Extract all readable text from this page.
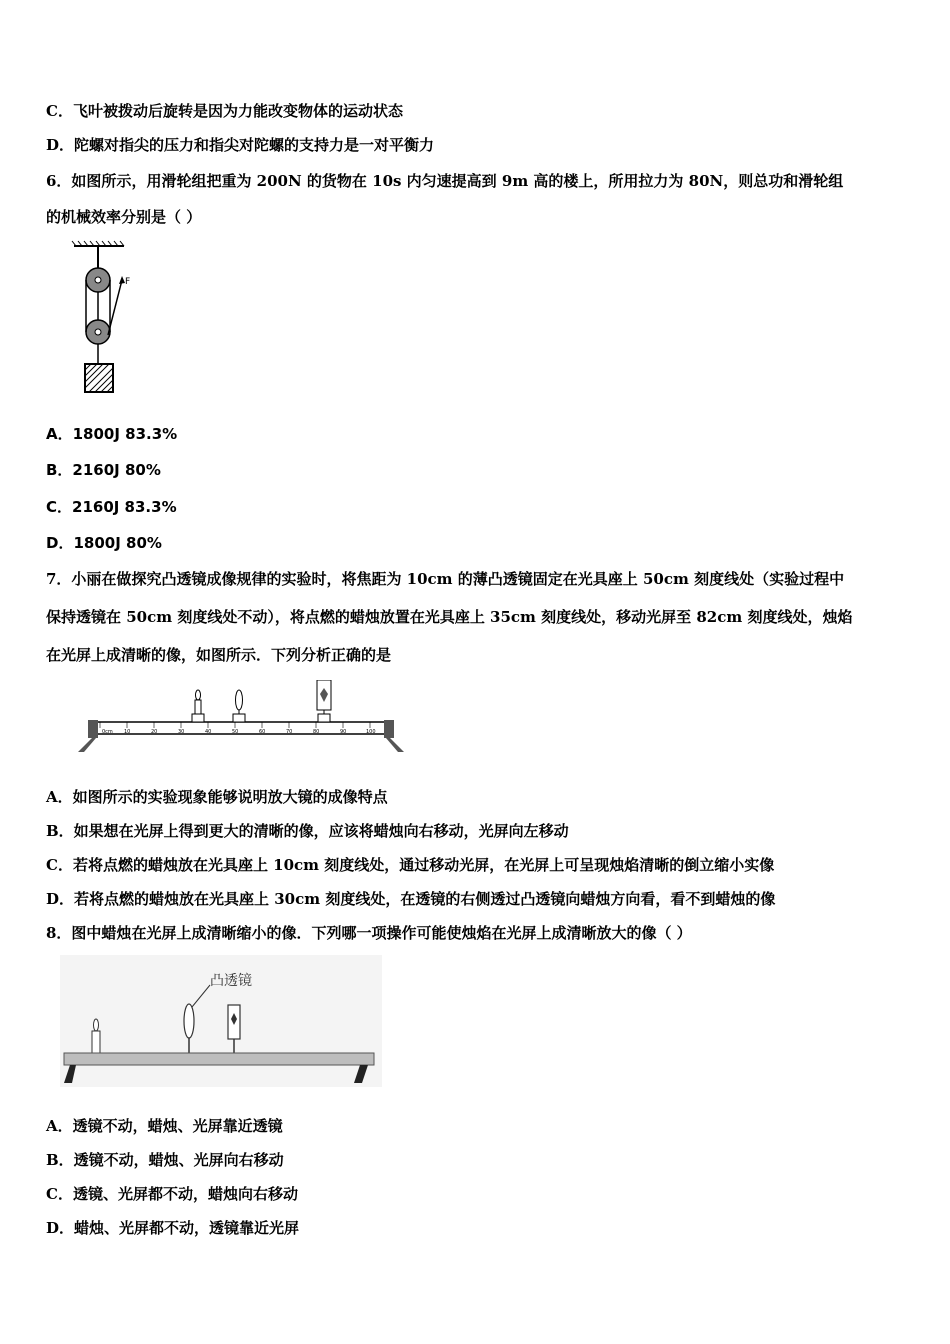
C．飞叶被拨动后旋转是因为力能改变物体的运动状态
D．陀螺对指尖的压力和指尖对陀螺的支持力是一对平衡力
6．如图所示，用滑轮组把重为 200N 的货物在 10s 内匀速提高到 9m 高的楼上，所用拉力为 80N，则总功和滑轮组
的机械效率分别是（ ）
F
A．1800J 83.3%
B．2160J 80%
C．2160J 83.3%
D．1800J 80%
7．小丽在做探究凸透镜成像规律的实验时，将焦距为 10cm 的薄凸透镜固定在光具座上 50cm 刻度线处（实验过程中
保持透镜在 50cm 刻度线处不动），将点燃的蜡烛放置在光具座上 35cm 刻度线处，移动光屏至 82cm 刻度线处，烛焰
在光屏上成清晰的像，如图所示．下列分析正确的是
0cm 10	20	30	40	50	60	70	80	90	100
A．如图所示的实验现象能够说明放大镜的成像特点
B．如果想在光屏上得到更大的清晰的像，应该将蜡烛向右移动，光屏向左移动
C．若将点燃的蜡烛放在光具座上 10cm 刻度线处，通过移动光屏，在光屏上可呈现烛焰清晰的倒立缩小实像
D．若将点燃的蜡烛放在光具座上 30cm 刻度线处，在透镜的右侧透过凸透镜向蜡烛方向看，看不到蜡烛的像
8．图中蜡烛在光屏上成清晰缩小的像．下列哪一项操作可能使烛焰在光屏上成清晰放大的像（ ）
凸透镜
A．透镜不动，蜡烛、光屏靠近透镜
B．透镜不动，蜡烛、光屏向右移动
C．透镜、光屏都不动，蜡烛向右移动
D．蜡烛、光屏都不动，透镜靠近光屏
